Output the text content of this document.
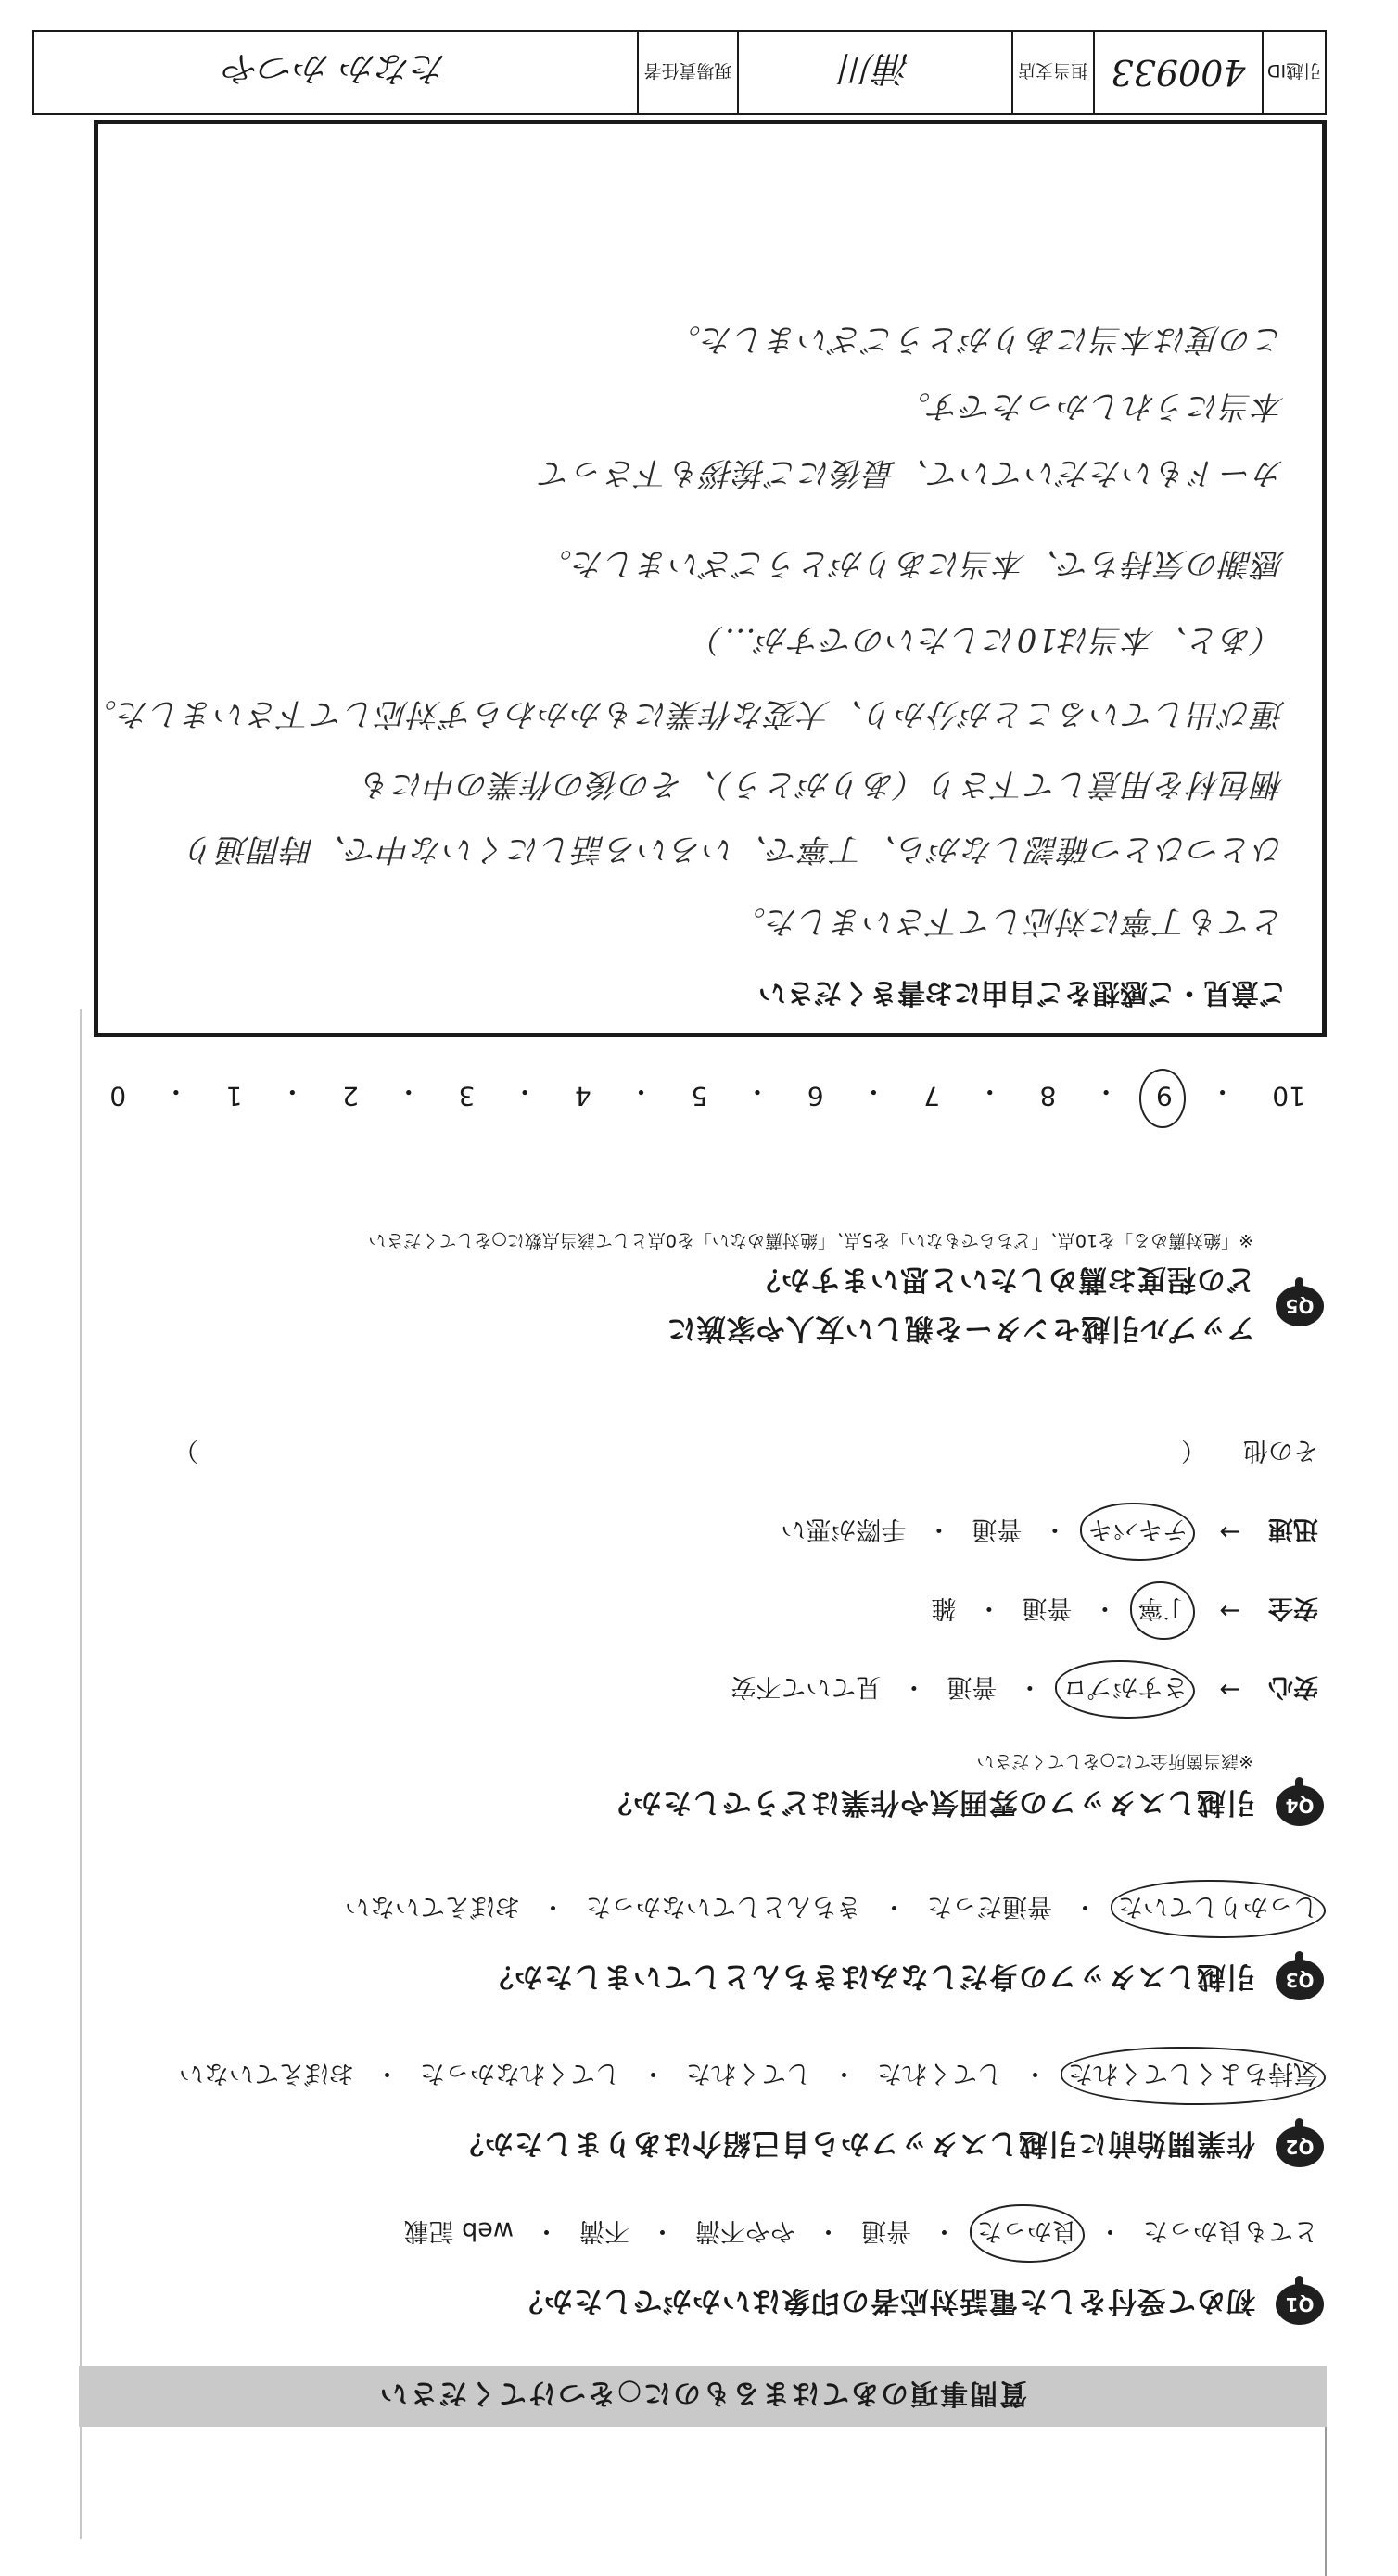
質問事項のあてはまるものに○をつけてください
Q1
初めて受付をした電話対応者の印象はいかがでしたか？
とても良かった
・
良かった
・
普通
・
やや不満
・
不満
・
web 記載
Q2
作業開始前に引越しスタッフから自己紹介はありましたか？
気持ちよくしてくれた
・
してくれた
・
してくれた
・
してくれなかった
・
おぼえていない
Q3
引越しスタッフの身だしなみはきちんとしていましたか？
しっかりしていた
・
普通だった
・
きちんとしていなかった
・
おぼえていない
Q4
引越しスタッフの雰囲気や作業はどうでしたか？
※該当箇所全てに○をしてください
安心
→
さすがプロ
・
普通
・
見ていて不安
安全
→
丁寧
・
普通
・
雑
迅速
→
テキパキ
・
普通
・
手際が悪い
その他
（
）
Q5
アップル引越センターを親しい友人や家族に
どの程度お薦めしたいと思いますか？
※「絶対薦める」を10点、「どちらでもない」を5点、「絶対薦めない」を0点として該当点数に○をしてください
10
・
9
・
8
・
7
・
6
・
5
・
4
・
3
・
2
・
1
・
0
ご意見・ご感想をご自由にお書きください
とても丁寧に対応して下さいました。
ひとつひとつ確認しながら、丁寧で、いろいろ話しにくいな中で、時間通り
梱包材を用意して下さり（ありがとう）、その後の作業の中にも
運び出していることが分かり、大変な作業にもかかわらず対応して下さいました。
（あと、本当は10にしたいのですが…）
感謝の気持ちで、本当にありがとうございました。
カードもいただいていて、最後にご挨拶も下さって
本当にうれしかったです。
この度は本当にありがとうございました。
引越ID
400933
担当支店
浦川
現場責任者
たなか かつや
